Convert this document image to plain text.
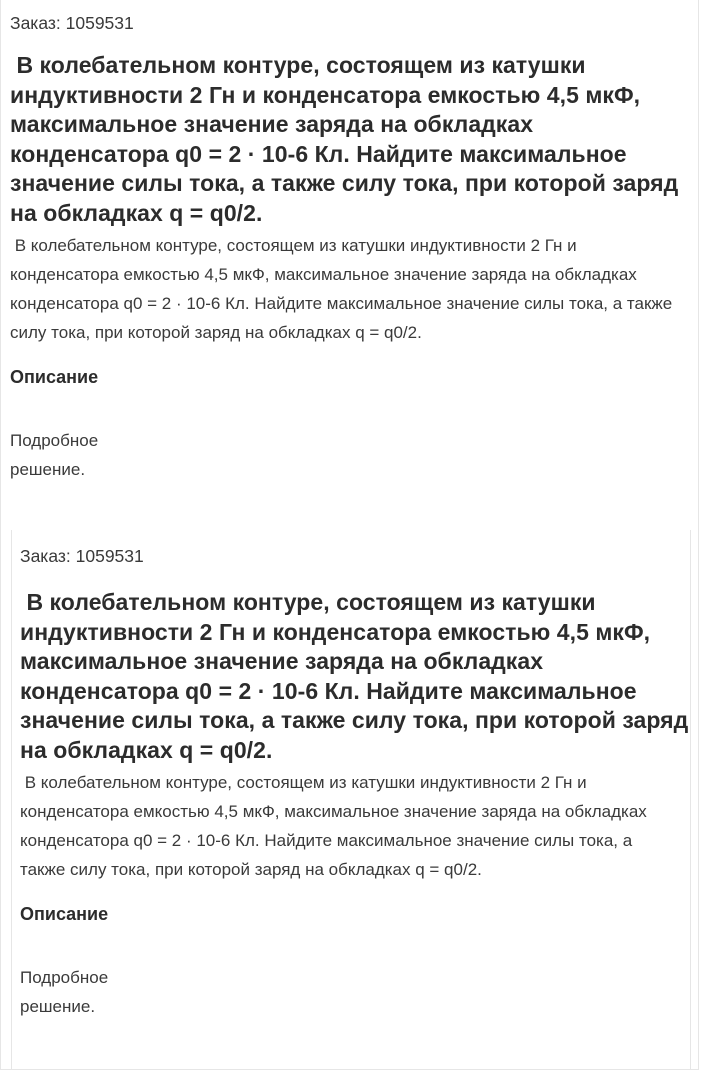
Заказ: 1059531
В колебательном контуре, состоящем из катушки индуктивности 2 Гн и конденсатора емкостью 4,5 мкФ, максимальное значение заряда на обкладках конденсатора q0 = 2 · 10-6 Кл. Найдите максимальное значение силы тока, а также силу тока, при которой заряд на обкладках q = q0/2.
В колебательном контуре, состоящем из катушки индуктивности 2 Гн и конденсатора емкостью 4,5 мкФ, максимальное значение заряда на обкладках конденсатора q0 = 2 · 10-6 Кл. Найдите максимальное значение силы тока, а также силу тока, при которой заряд на обкладках q = q0/2.
Описание
Подробное решение.
Заказ: 1059531
В колебательном контуре, состоящем из катушки индуктивности 2 Гн и конденсатора емкостью 4,5 мкФ, максимальное значение заряда на обкладках конденсатора q0 = 2 · 10-6 Кл. Найдите максимальное значение силы тока, а также силу тока, при которой заряд на обкладках q = q0/2.
В колебательном контуре, состоящем из катушки индуктивности 2 Гн и конденсатора емкостью 4,5 мкФ, максимальное значение заряда на обкладках конденсатора q0 = 2 · 10-6 Кл. Найдите максимальное значение силы тока, а также силу тока, при которой заряд на обкладках q = q0/2.
Описание
Подробное решение.
